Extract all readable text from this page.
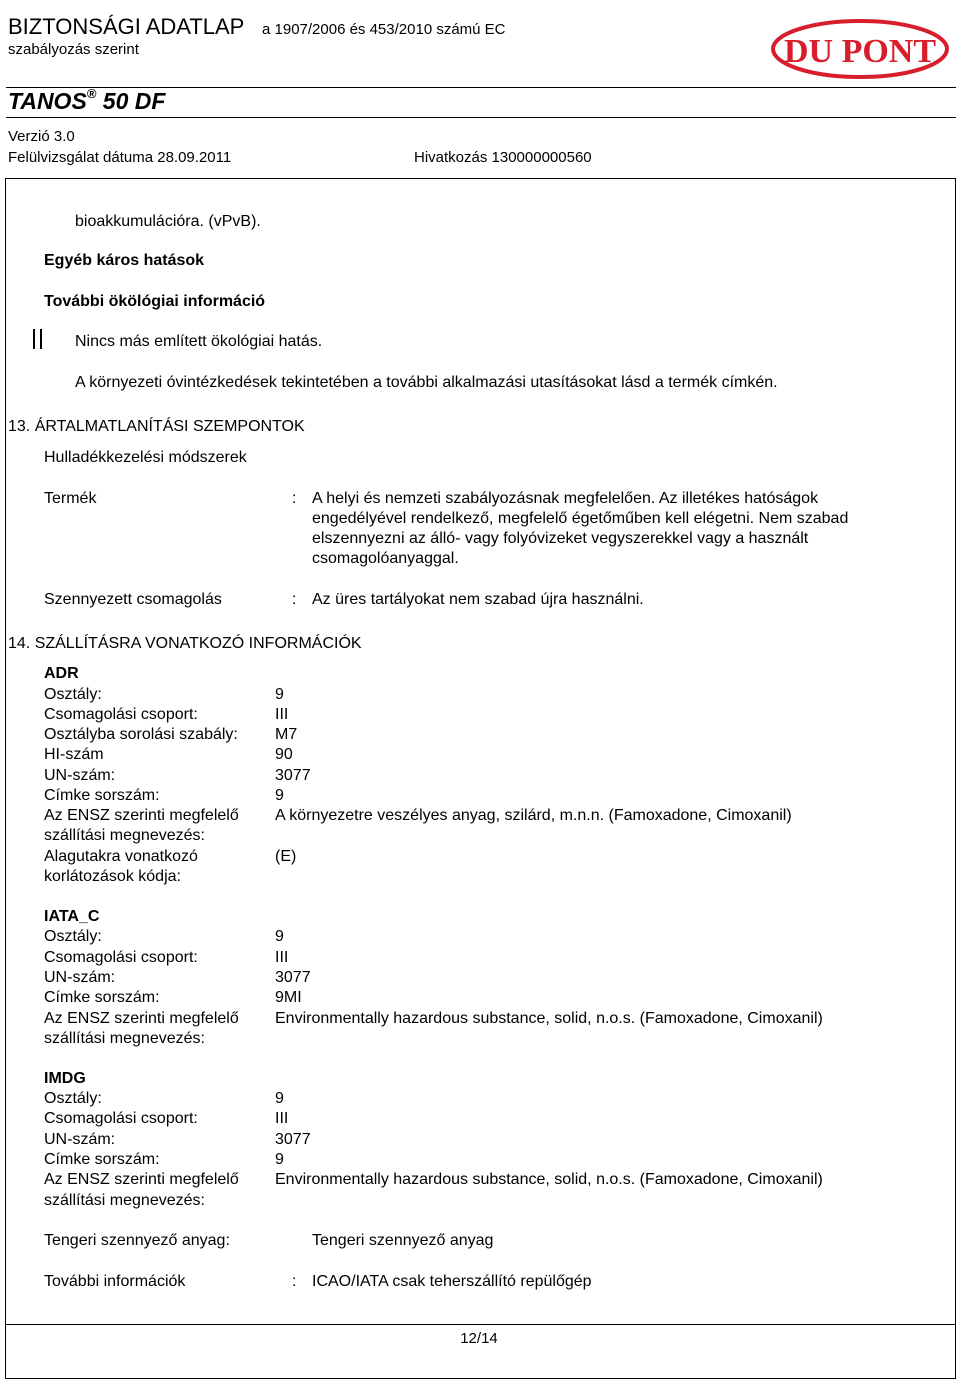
BIZTONSÁGI ADATLAP a 1907/2006 és 453/2010 számú EC
szabályozás szerint	DU PONT
TANOS® 50 DF
Verzió 3.0
Felülvizsgálat dátuma 28.09.2011	Hivatkozás 130000000560
bioakkumulációra. (vPvB).
Egyéb káros hatások
További ökölógiai információ
Nincs más említett ökológiai hatás.
A környezeti óvintézkedések tekintetében a további alkalmazási utasításokat lásd a termék címkén.
13. ÁRTALMATLANÍTÁSI SZEMPONTOK
Hulladékkezelési módszerek
Termék	: A helyi és nemzeti szabályozásnak megfelelően. Az illetékes hatóságok
engedélyével rendelkező, megfelelő égetőműben kell elégetni. Nem szabad
elszennyezni az álló- vagy folyóvizeket vegyszerekkel vagy a használt
csomagolóanyaggal.
Szennyezett csomagolás	: Az üres tartályokat nem szabad újra használni.
14. SZÁLLÍTÁSRA VONATKOZÓ INFORMÁCIÓK
ADR
Osztály:	9
Csomagolási csoport:	III
Osztályba sorolási szabály: M7
HI-szám	90
UN-szám:	3077
Címke sorszám:	9
Az ENSZ szerinti megfelelő
szállítási megnevezés:
A környezetre veszélyes anyag, szilárd, m.n.n. (Famoxadone, Cimoxanil)
Alagutakra vonatkozó
korlátozások kódja:
(E)
IATA_C
Osztály:	9
Csomagolási csoport:	III
UN-szám:	3077
Címke sorszám:	9MI
Az ENSZ szerinti megfelelő
szállítási megnevezés:
Environmentally hazardous substance, solid, n.o.s. (Famoxadone, Cimoxanil)
IMDG
Osztály:	9
Csomagolási csoport:	III
UN-szám:	3077
Címke sorszám:	9
Az ENSZ szerinti megfelelő
szállítási megnevezés:
Environmentally hazardous substance, solid, n.o.s. (Famoxadone, Cimoxanil)
Tengeri szennyező anyag:	Tengeri szennyező anyag
További információk	: ICAO/IATA csak teherszállító repülőgép
12/14
